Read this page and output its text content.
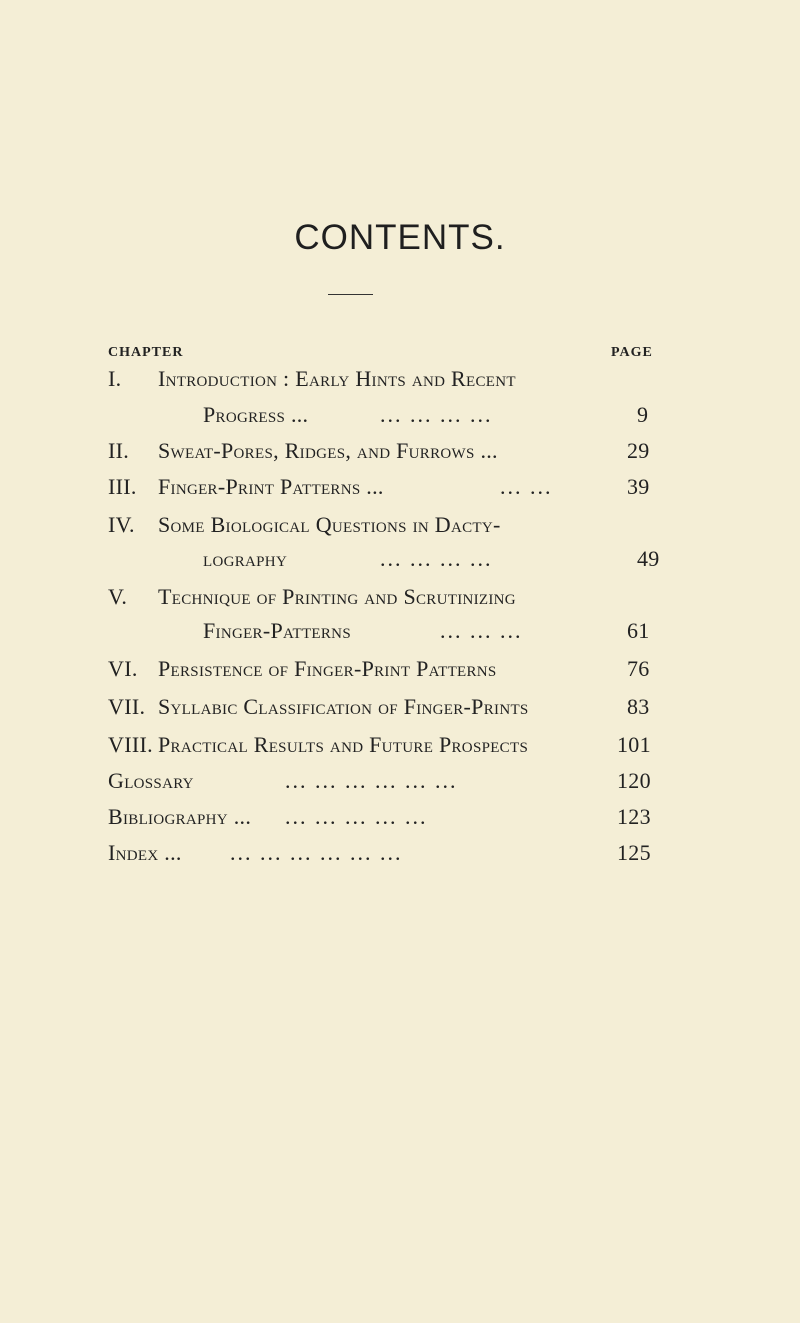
CONTENTS.
CHAPTER	PAGE
I. Introduction : Early Hints and Recent
Progress ...	... ... ... ...	9
II. Sweat-Pores, Ridges, and Furrows ...	29
III. Finger-Print Patterns ...	... ...	39
IV. Some Biological Questions in Dacty-
lography	... ... ... ...	49
V. Technique of Printing and Scrutinizing
Finger-Patterns	... ... ...	61
VI. Persistence of Finger-Print Patterns	76
VII. Syllabic Classification of Finger-Prints	83
VIII. Practical Results and Future Prospects	101
Glossary	... ... ... ... ... ...	120
Bibliography ... ... ... ... ... ...	123
Index ... ... ... ... ... ... ...	125
